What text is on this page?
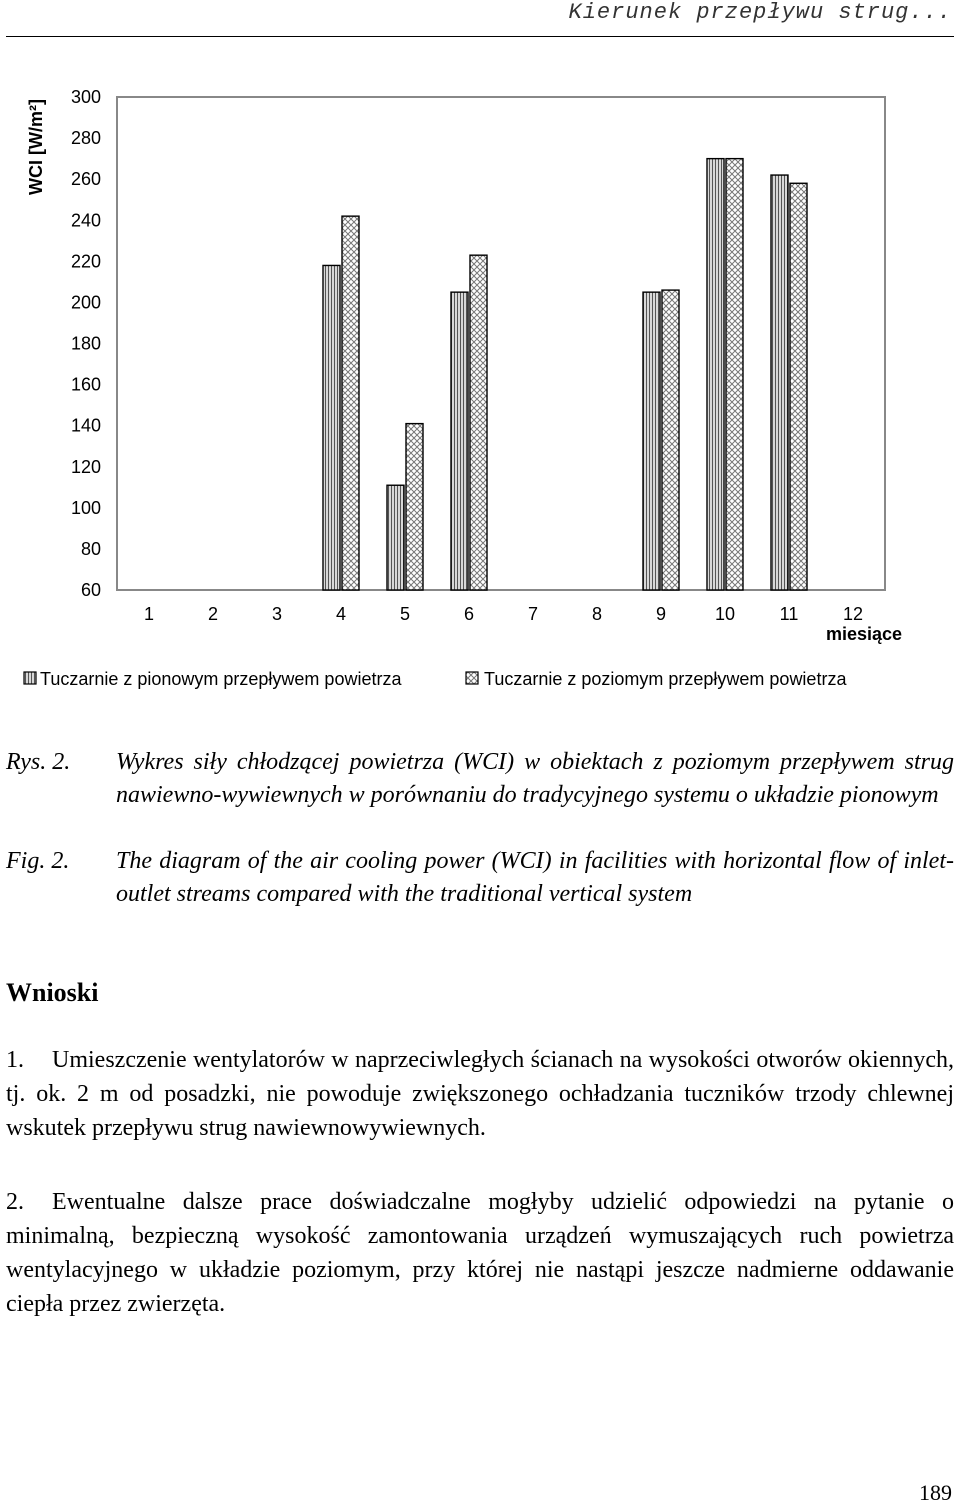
Kierunek przepływu strug...
WCI [W/m²]
300
280
260
240
220
200
180
160
140
120
100
80
60
1	2	3	4	5	6	7	8	9	10 11 12
miesiące
Tuczarnie z pionowym przepływem powietrza	Tuczarnie z poziomym przepływem powietrza
Rys. 2. Wykres siły chłodzącej powietrza (WCI) w obiektach z poziomym przepływem strug nawiewno-wywiewnych w porównaniu do tradycyjnego systemu o układzie pionowym
Fig. 2. The diagram of the air cooling power (WCI) in facilities with horizontal flow of inlet-outlet streams compared with the traditional vertical system
Wnioski
1.	Umieszczenie wentylatorów w naprzeciwległych ścianach na wysokości otworów okiennych, tj. ok. 2 m od posadzki, nie powoduje zwiększonego ochładzania tuczników trzody chlewnej wskutek przepływu strug nawiewnowywiewnych.
2.	Ewentualne dalsze prace doświadczalne mogłyby udzielić odpowiedzi na pytanie o minimalną, bezpieczną wysokość zamontowania urządzeń wymuszających ruch powietrza wentylacyjnego w układzie poziomym, przy której nie nastąpi jeszcze nadmierne oddawanie ciepła przez zwierzęta.
189
